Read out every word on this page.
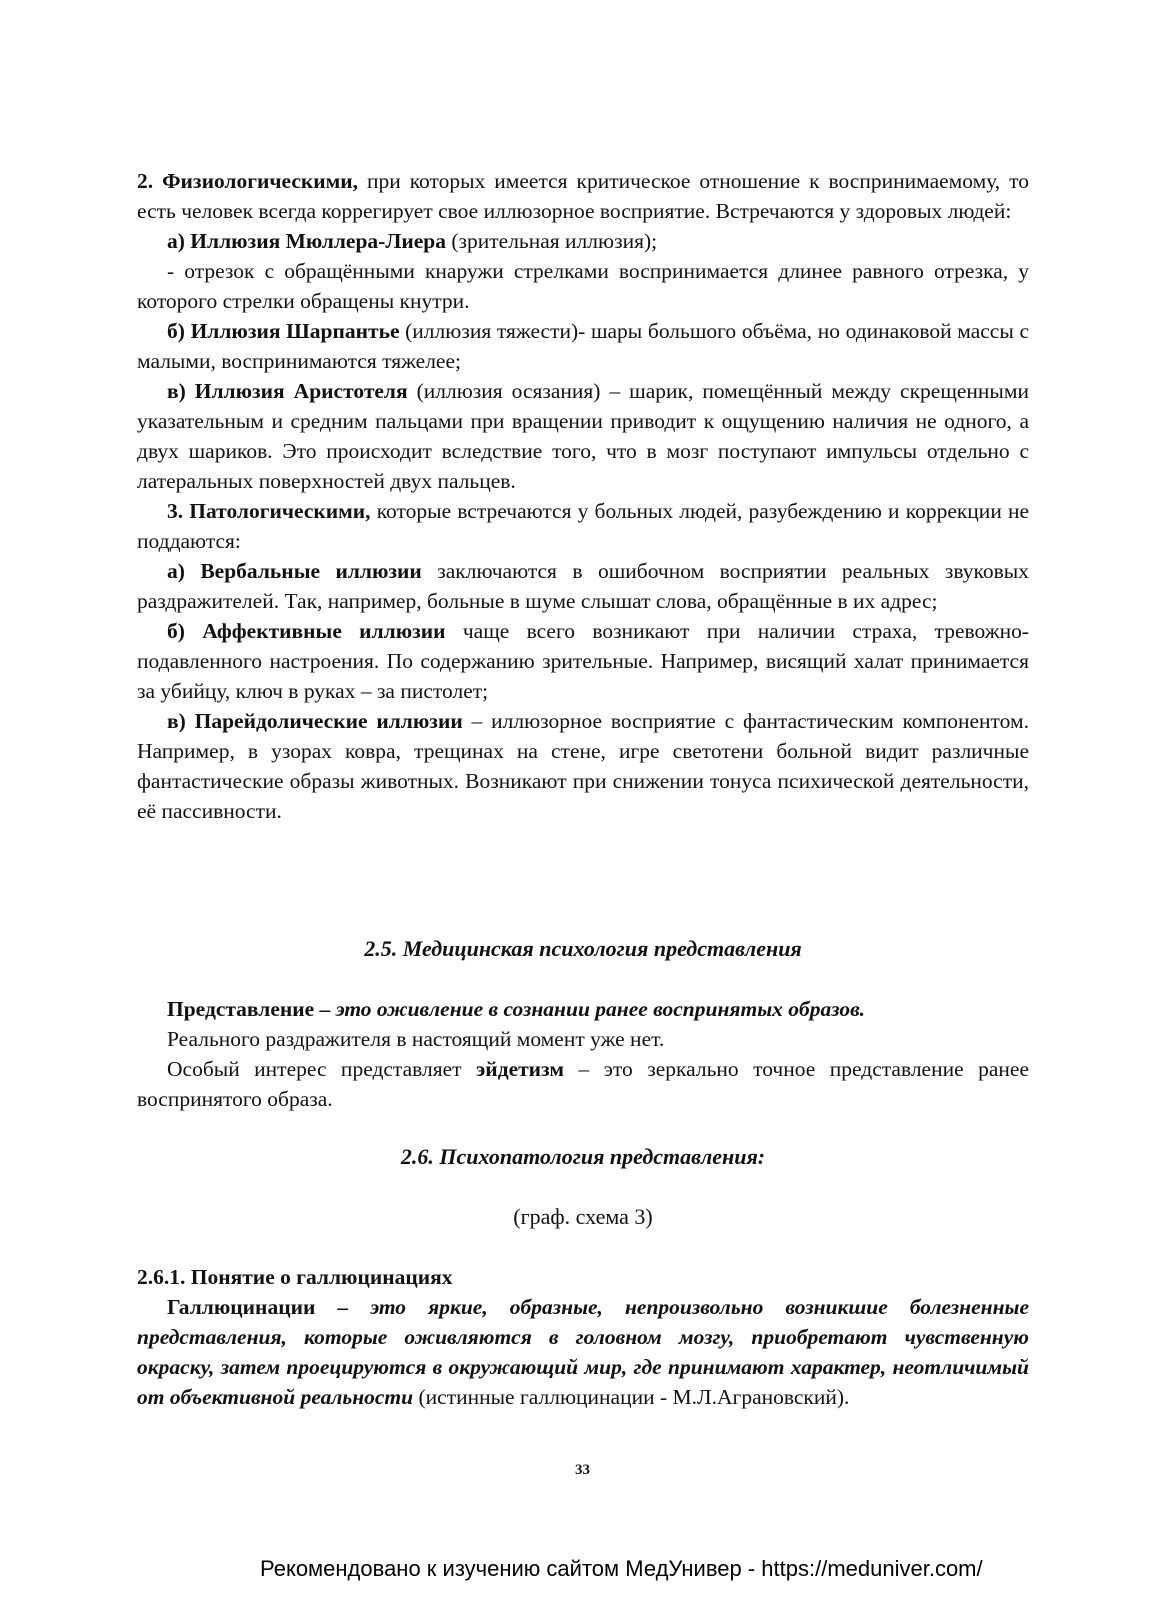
2. Физиологическими, при которых имеется критическое отношение к воспринимаемому, то есть человек всегда коррегирует свое иллюзорное восприятие. Встречаются у здоровых людей:

а) Иллюзия Мюллера-Лиера (зрительная иллюзия);

- отрезок с обращёнными кнаружи стрелками воспринимается длинее равного отрезка, у которого стрелки обращены кнутри.

б) Иллюзия Шарпантье (иллюзия тяжести)- шары большого объёма, но одинаковой массы с малыми, воспринимаются тяжелее;

в) Иллюзия Аристотеля (иллюзия осязания) – шарик, помещённый между скрещенными указательным и средним пальцами при вращении приводит к ощущению наличия не одного, а двух шариков. Это происходит вследствие того, что в мозг поступают импульсы отдельно с латеральных поверхностей двух пальцев.

3. Патологическими, которые встречаются у больных людей, разубеждению и коррекции не поддаются:

а) Вербальные иллюзии заключаются в ошибочном восприятии реальных звуковых раздражителей. Так, например, больные в шуме слышат слова, обращённые в их адрес;

б) Аффективные иллюзии чаще всего возникают при наличии страха, тревожно-подавленного настроения. По содержанию зрительные. Например, висящий халат принимается за убийцу, ключ в руках – за пистолет;

в) Парейдолические иллюзии – иллюзорное восприятие с фантастическим компонентом. Например, в узорах ковра, трещинах на стене, игре светотени больной видит различные фантастические образы животных. Возникают при снижении тонуса психической деятельности, её пассивности.

2.5. Медицинская психология представления

Представление – это оживление в сознании ранее воспринятых образов.

Реального раздражителя в настоящий момент уже нет.

Особый интерес представляет эйдетизм – это зеркально точное представление ранее воспринятого образа.

2.6. Психопатология представления:
(граф. схема 3)

2.6.1. Понятие о галлюцинациях

Галлюцинации – это яркие, образные, непроизвольно возникшие болезненные представления, которые оживляются в головном мозгу, приобретают чувственную окраску, затем проецируются в окружающий мир, где принимают характер, неотличимый от объективной реальности (истинные галлюцинации - М.Л.Аграновский).

33
Рекомендовано к изучению сайтом МедУнивер - https://meduniver.com/
